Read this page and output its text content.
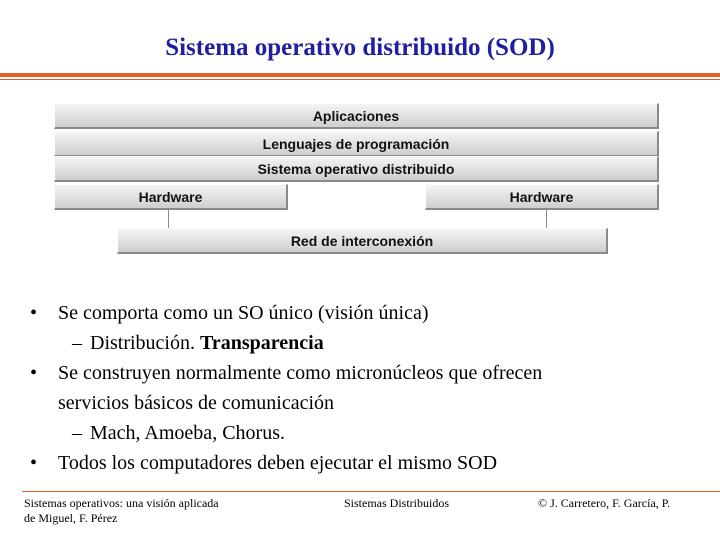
Sistema operativo distribuido (SOD)
Aplicaciones
Lenguajes de programación
Sistema operativo distribuido
Hardware	Hardware
Red de interconexión
• Se comporta como un SO único (visión única)
– Distribución. Transparencia
• Se construyen normalmente como micronúcleos que ofrecen
servicios básicos de comunicación
– Mach, Amoeba, Chorus.
• Todos los computadores deben ejecutar el mismo SOD
Sistemas operativos: una visión aplicada
de Miguel, F. Pérez
Sistemas Distribuidos	© J. Carretero, F. García, P.
